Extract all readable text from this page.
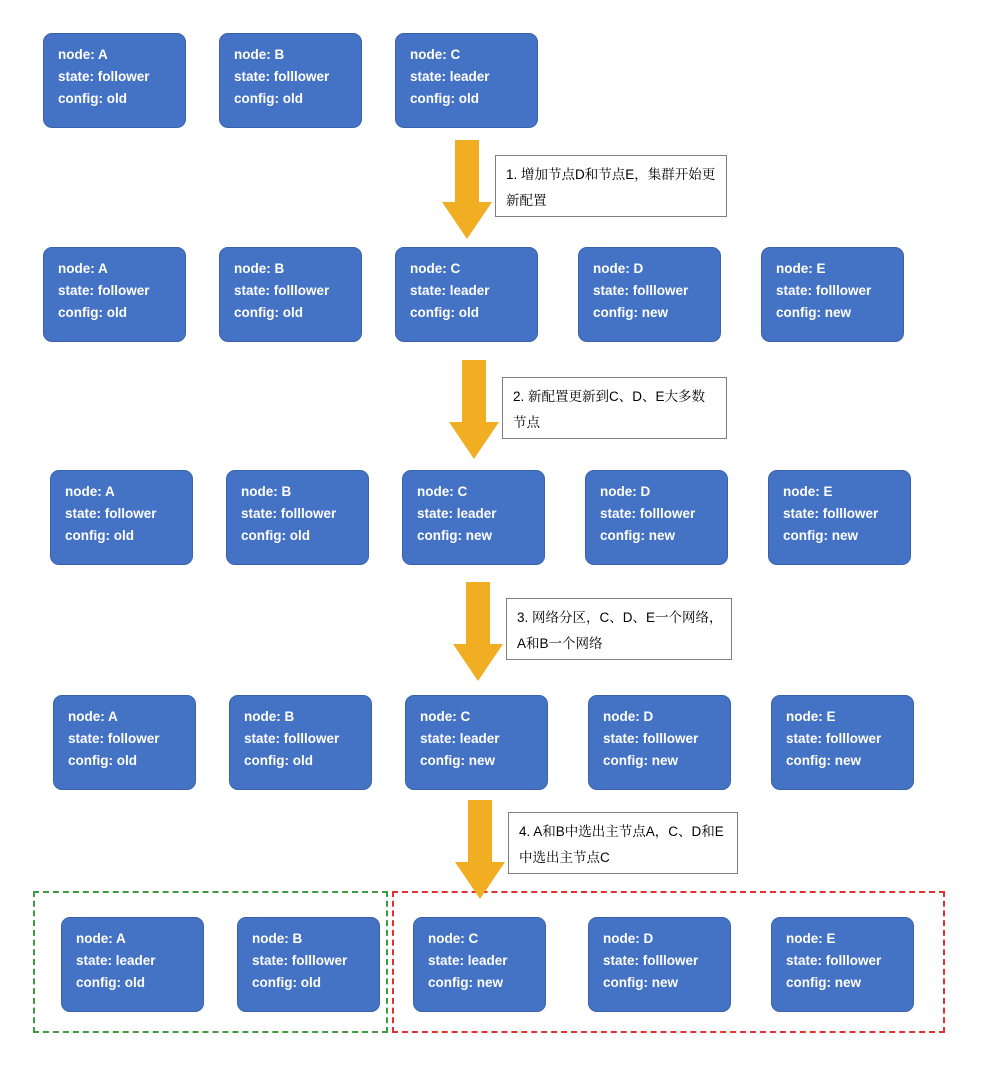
node: A
state: follower
config: old
node: B
state: folllower
config: old
node: C
state: leader
config: old
1. 增加节点D和节点E，集群开始更新配置
node: A
state: follower
config: old
node: B
state: folllower
config: old
node: C
state: leader
config: old
node: D
state: folllower
config: new
node: E
state: folllower
config: new
2. 新配置更新到C、D、E大多数节点
node: A
state: follower
config: old
node: B
state: folllower
config: old
node: C
state: leader
config: new
node: D
state: folllower
config: new
node: E
state: folllower
config: new
3. 网络分区，C、D、E一个网络，A和B一个网络
node: A
state: follower
config: old
node: B
state: folllower
config: old
node: C
state: leader
config: new
node: D
state: folllower
config: new
node: E
state: folllower
config: new
4. A和B中选出主节点A，C、D和E中选出主节点C
node: A
state: leader
config: old
node: B
state: folllower
config: old
node: C
state: leader
config: new
node: D
state: folllower
config: new
node: E
state: folllower
config: new
